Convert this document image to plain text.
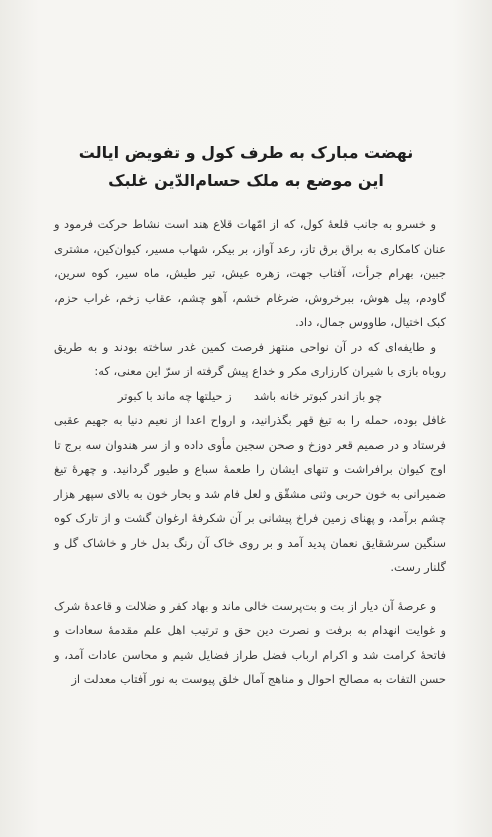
نهضت مبارک به طرف کول و تفویض ایالت
این موضع به ملک حسام‌الدّین غلبک

و خسرو به جانب قلعهٔ کول، که از امّهات قلاع هند است نشاط حرکت فرمود و عنان کامکاری به براق برق تاز، رعد آواز، بر بیکر، شهاب مسیر، کیوان‌کین، مشتری جبین، بهرام جرأت، آفتاب جهت، زهره عیش، تیر طیش، ماه سیر، کوه سرین، گاودم، پیل هوش، ببرخروش، ضرغام خشم، آهو چشم، عقاب زخم، غراب حزم، کبک اختیال، طاووس جمال، داد.

و طایفه‌ای که در آن نواحی منتهز فرصت کمین غدر ساخته بودند و به طریق روباه بازی با شیران کارزاری مکر و خداع پیش گرفته از سرّ این معنی، که:

چو باز اندر کبوتر خانه باشد
ز حیلتها چه ماند با کبوتر

غافل بوده، حمله را به تیغ قهر بگذرانید، و ارواح اعدا از نعیم دنیا به جهیم عقبی فرستاد و در صمیم قعر دوزخ و صحن سجین مأوی داده و از سر هندوان سه برج تا اوج کیوان برافراشت و تنهای ایشان را طعمهٔ سباع و طیور گردانید. و چهرهٔ تیغ ضمیرانی به خون حربی وثنی مشقّق و لعل فام شد و بحار خون به بالای سپهر هزار چشم برآمد، و پهنای زمین فراخ پیشانی بر آن شکرفهٔ ارغوان گشت و از تارک کوه سنگین سرشقایق نعمان پدید آمد و بر روی خاک آن رنگ بدل خار و خاشاک گل و گلنار رست.

و عرصهٔ آن دیار از بت و بت‌پرست خالی ماند و بهاد کفر و ضلالت و قاعدهٔ شرک و غوایت انهدام به برفت و نصرت دین حق و ترتیب اهل علم مقدمهٔ سعادات و فاتحهٔ کرامت شد و اکرام ارباب فضل طراز فضایل شیم و محاسن عادات آمد، و حسن التفات به مصالح احوال و مناهج آمال خلق پیوست به نور آفتاب معدلت از
